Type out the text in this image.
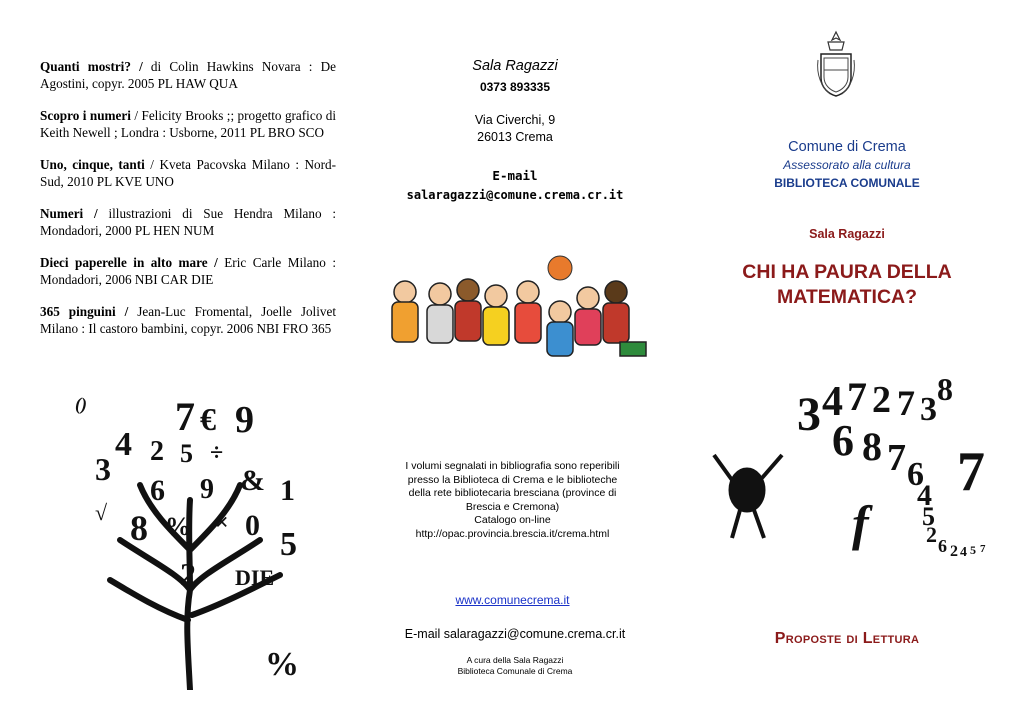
Quanti mostri? / di Colin Hawkins Novara : De Agostini, copyr. 2005 PL HAW QUA
Scopro i numeri / Felicity Brooks ;; progetto grafico di Keith Newell ; Londra : Usborne, 2011 PL BRO SCO
Uno, cinque, tanti / Kveta Pacovska Milano : Nord-Sud, 2010 PL KVE UNO
Numeri / illustrazioni di Sue Hendra Milano : Mondadori, 2000 PL HEN NUM
Dieci paperelle in alto mare / Eric Carle Milano : Mondadori, 2006 NBI CAR DIE
365 pinguini / Jean-Luc Fromental, Joelle Jolivet Milano : Il castoro bambini, copyr. 2006 NBI FRO 365
() 7 € 9
4 2 5
3	& 1
6 9
8 % 0
5
2 DIE
√
÷
×
%
Sala Ragazzi
0373 893335
Via Civerchi, 9
26013 Crema
E-mail
salaragazzi@comune.crema.cr.it
I volumi segnalati in bibliografia sono reperibili
presso la Biblioteca di Crema e le biblioteche
della rete bibliotecaria bresciana (province di
Brescia e Cremona)
Catalogo on-line
http://opac.provincia.brescia.it/crema.html
www.comunecrema.it
E-mail salaragazzi@comune.crema.cr.it
A cura della Sala Ragazzi
Biblioteca Comunale di Crema
Comune di Crema
Assessorato alla cultura
BIBLIOTECA COMUNALE
Sala Ragazzi
CHI HA PAURA DELLA
MATEMATICA?
3 4 7 2 7 3
8
6 8 7 6
4
5
2 6 2 4 5 7
f
7
Proposte di Lettura
